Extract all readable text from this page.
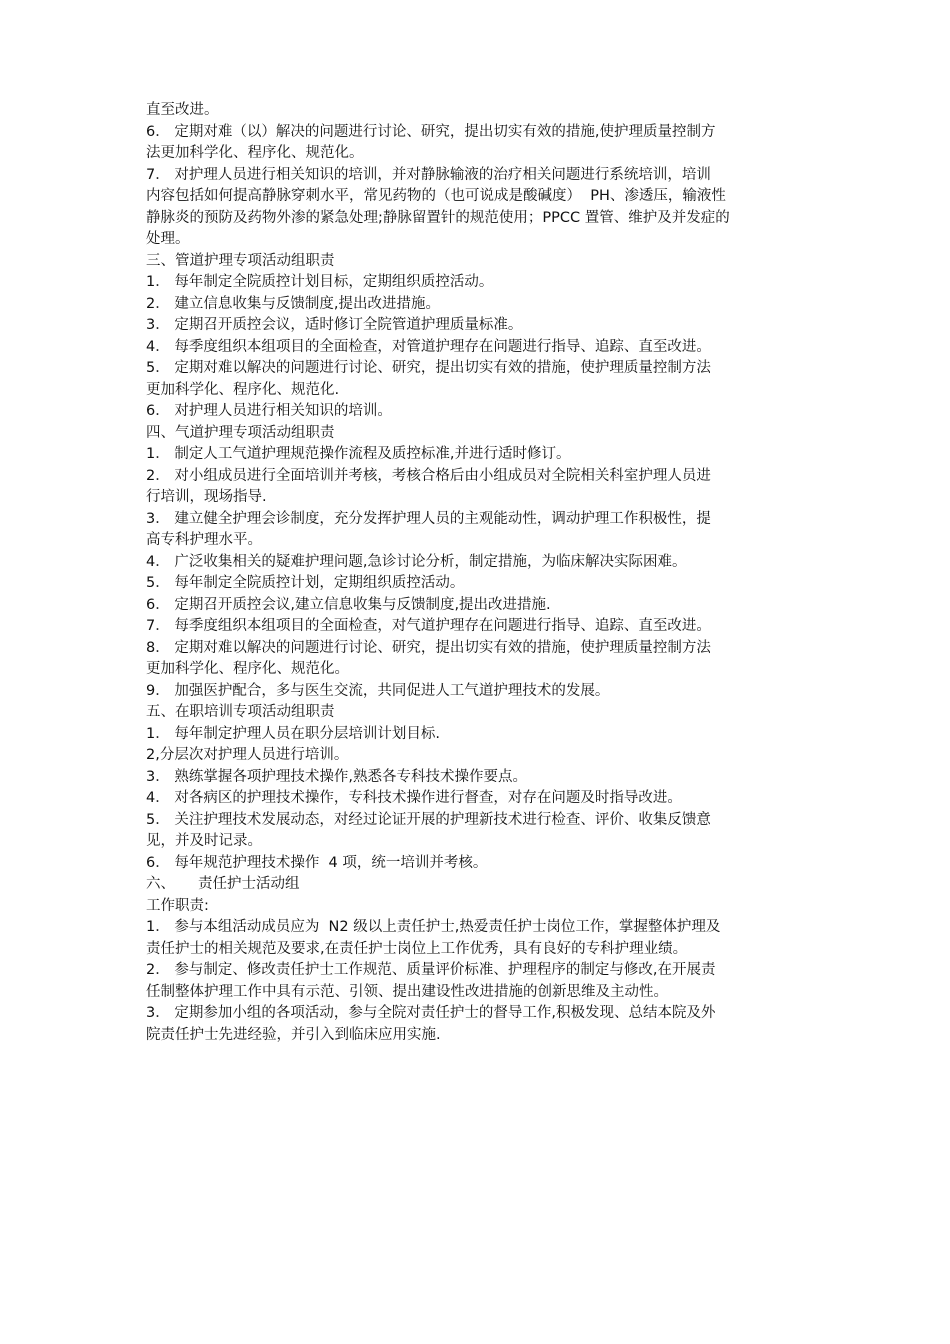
直至改进。

6． 定期对难（以）解决的问题进行讨论、研究，提出切实有效的措施,使护理质量控制方

法更加科学化、程序化、规范化。

7． 对护理人员进行相关知识的培训，并对静脉输液的治疗相关问题进行系统培训，培训

内容包括如何提高静脉穿刺水平，常见药物的（也可说成是酸碱度）  PH、渗透压，输液性

静脉炎的预防及药物外渗的紧急处理;静脉留置针的规范使用；PPCC 置管、维护及并发症的

处理。

三、管道护理专项活动组职责

1． 每年制定全院质控计划目标，定期组织质控活动。

2． 建立信息收集与反馈制度,提出改进措施。

3． 定期召开质控会议，适时修订全院管道护理质量标准。

4． 每季度组织本组项目的全面检查，对管道护理存在问题进行指导、追踪、直至改进。

5． 定期对难以解决的问题进行讨论、研究，提出切实有效的措施，使护理质量控制方法

更加科学化、程序化、规范化.

6． 对护理人员进行相关知识的培训。

四、气道护理专项活动组职责

1． 制定人工气道护理规范操作流程及质控标准,并进行适时修订。

2． 对小组成员进行全面培训并考核，考核合格后由小组成员对全院相关科室护理人员进

行培训，现场指导.

3． 建立健全护理会诊制度，充分发挥护理人员的主观能动性，调动护理工作积极性，提

高专科护理水平。

4． 广泛收集相关的疑难护理问题,急诊讨论分析，制定措施，为临床解决实际困难。

5． 每年制定全院质控计划，定期组织质控活动。

6． 定期召开质控会议,建立信息收集与反馈制度,提出改进措施.

7． 每季度组织本组项目的全面检查，对气道护理存在问题进行指导、追踪、直至改进。

8． 定期对难以解决的问题进行讨论、研究，提出切实有效的措施，使护理质量控制方法

更加科学化、程序化、规范化。

9． 加强医护配合，多与医生交流，共同促进人工气道护理技术的发展。

五、在职培训专项活动组职责

1． 每年制定护理人员在职分层培训计划目标.

2,分层次对护理人员进行培训。

3． 熟练掌握各项护理技术操作,熟悉各专科技术操作要点。

4． 对各病区的护理技术操作，专科技术操作进行督查，对存在问题及时指导改进。

5． 关注护理技术发展动态，对经过论证开展的护理新技术进行检查、评价、收集反馈意

见，并及时记录。

6． 每年规范护理技术操作  4 项，统一培训并考核。

六、     责任护士活动组

工作职责:

1． 参与本组活动成员应为  N2 级以上责任护士,热爱责任护士岗位工作，掌握整体护理及

责任护士的相关规范及要求,在责任护士岗位上工作优秀，具有良好的专科护理业绩。

2． 参与制定、修改责任护士工作规范、质量评价标准、护理程序的制定与修改,在开展责

任制整体护理工作中具有示范、引领、提出建设性改进措施的创新思维及主动性。

3． 定期参加小组的各项活动，参与全院对责任护士的督导工作,积极发现、总结本院及外

院责任护士先进经验，并引入到临床应用实施.
